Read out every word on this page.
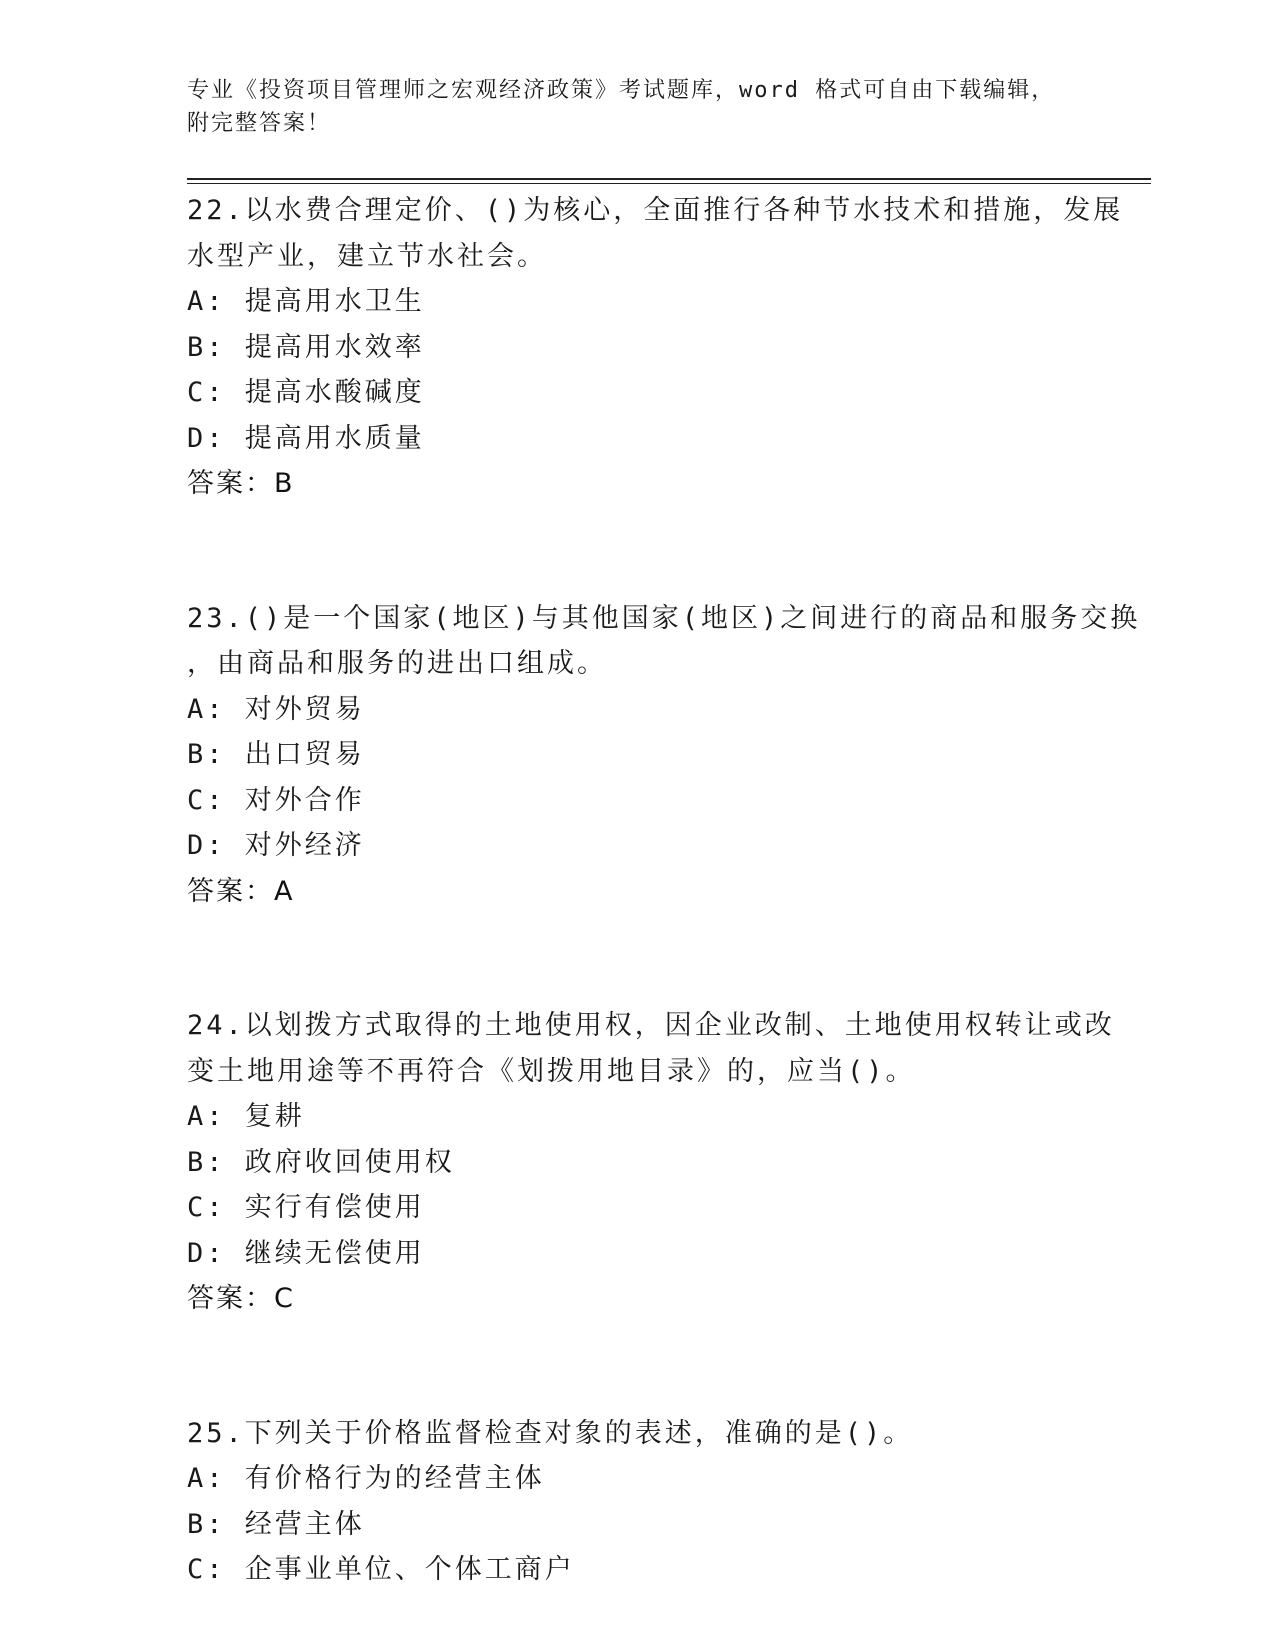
专业《投资项目管理师之宏观经济政策》考试题库，word 格式可自由下载编辑，
附完整答案！
22.以水费合理定价、()为核心，全面推行各种节水技术和措施，发展
水型产业，建立节水社会。
A: 提高用水卫生
B: 提高用水效率
C: 提高水酸碱度
D: 提高用水质量
答案：B
23.()是一个国家(地区)与其他国家(地区)之间进行的商品和服务交换
，由商品和服务的进出口组成。
A: 对外贸易
B: 出口贸易
C: 对外合作
D: 对外经济
答案：A
24.以划拨方式取得的土地使用权，因企业改制、土地使用权转让或改
变土地用途等不再符合《划拨用地目录》的，应当()。
A: 复耕
B: 政府收回使用权
C: 实行有偿使用
D: 继续无偿使用
答案：C
25.下列关于价格监督检查对象的表述，准确的是()。
A: 有价格行为的经营主体
B: 经营主体
C: 企事业单位、个体工商户
